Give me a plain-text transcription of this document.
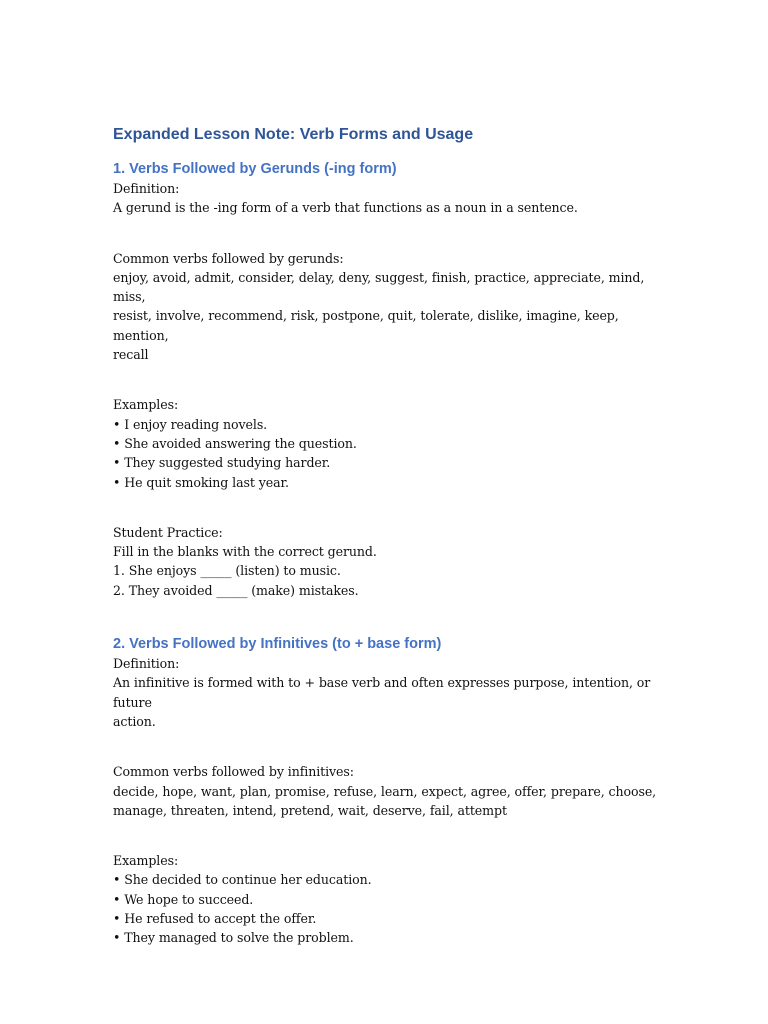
Expanded Lesson Note: Verb Forms and Usage
1. Verbs Followed by Gerunds (-ing form)

Definition:

A gerund is the -ing form of a verb that functions as a noun in a sentence.

Common verbs followed by gerunds:

enjoy, avoid, admit, consider, delay, deny, suggest, finish, practice, appreciate, mind, miss,

resist, involve, recommend, risk, postpone, quit, tolerate, dislike, imagine, keep, mention,

recall

Examples:

• I enjoy reading novels.

• She avoided answering the question.

• They suggested studying harder.

• He quit smoking last year.

Student Practice:

Fill in the blanks with the correct gerund.

1. She enjoys _____ (listen) to music.

2. They avoided _____ (make) mistakes.

2. Verbs Followed by Infinitives (to + base form)

Definition:

An infinitive is formed with to + base verb and often expresses purpose, intention, or future

action.

Common verbs followed by infinitives:

decide, hope, want, plan, promise, refuse, learn, expect, agree, offer, prepare, choose,

manage, threaten, intend, pretend, wait, deserve, fail, attempt

Examples:

• She decided to continue her education.

• We hope to succeed.

• He refused to accept the offer.

• They managed to solve the problem.
